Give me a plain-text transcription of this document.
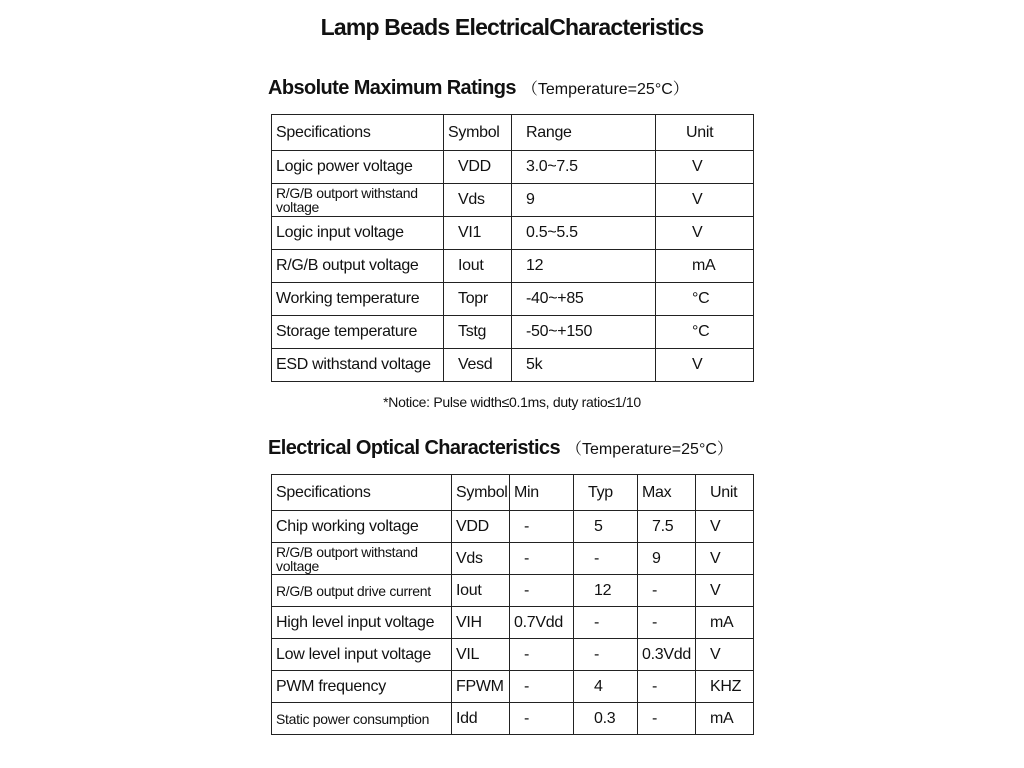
Lamp Beads ElectricalCharacteristics
Absolute Maximum Ratings （Temperature=25°C）
Specifications	Symbol	Range	Unit
Logic power voltage	VDD	3.0~7.5	V
R/G/B outport withstand voltage	Vds	9	V
Logic input voltage	VI1	0.5~5.5	V
R/G/B output voltage	Iout	12	mA
Working temperature	Topr	-40~+85	°C
Storage temperature	Tstg	-50~+150	°C
ESD withstand voltage	Vesd	5k	V
*Notice: Pulse width≤0.1ms, duty ratio≤1/10
Electrical Optical Characteristics （Temperature=25°C）
Specifications	Symbol	Min	Typ	Max	Unit
Chip working voltage	VDD	-	5	7.5	V
R/G/B outport withstand voltage	Vds	-	-	9	V
R/G/B output drive current	Iout	-	12	-	V
High level input voltage	VIH	0.7Vdd	-	-	mA
Low level input voltage	VIL	-	-	0.3Vdd	V
PWM frequency	FPWM	-	4	-	KHZ
Static power consumption	Idd	-	0.3	-	mA
